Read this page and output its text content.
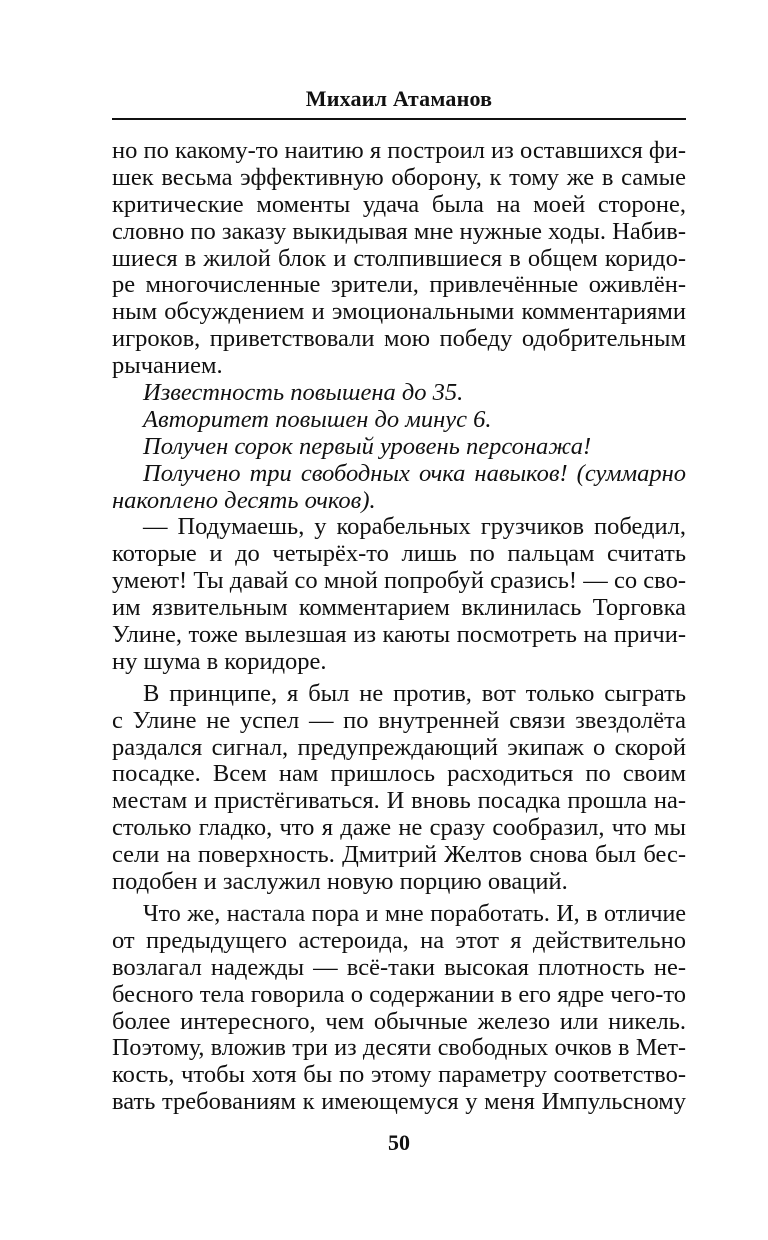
Михаил Атаманов
но по какому-то наитию я построил из оставшихся фи-
шек весьма эффективную оборону, к тому же в самые
критические моменты удача была на моей стороне,
словно по заказу выкидывая мне нужные ходы. Набив-
шиеся в жилой блок и столпившиеся в общем коридо-
ре многочисленные зрители, привлечённые оживлён-
ным обсуждением и эмоциональными комментариями
игроков, приветствовали мою победу одобрительным
рычанием.
Известность повышена до 35.
Авторитет повышен до минус 6.
Получен сорок первый уровень персонажа!
Получено три свободных очка навыков! (суммарно
накоплено десять очков).
— Подумаешь, у корабельных грузчиков победил,
которые и до четырёх-то лишь по пальцам считать
умеют! Ты давай со мной попробуй сразись! — со сво-
им язвительным комментарием вклинилась Торговка
Улине, тоже вылезшая из каюты посмотреть на причи-
ну шума в коридоре.
В принципе, я был не против, вот только сыграть
с Улине не успел — по внутренней связи звездолёта
раздался сигнал, предупреждающий экипаж о скорой
посадке. Всем нам пришлось расходиться по своим
местам и пристёгиваться. И вновь посадка прошла на-
столько гладко, что я даже не сразу сообразил, что мы
сели на поверхность. Дмитрий Желтов снова был бес-
подобен и заслужил новую порцию оваций.
Что же, настала пора и мне поработать. И, в отличие
от предыдущего астероида, на этот я действительно
возлагал надежды — всё-таки высокая плотность не-
бесного тела говорила о содержании в его ядре чего-то
более интересного, чем обычные железо или никель.
Поэтому, вложив три из десяти свободных очков в Мет-
кость, чтобы хотя бы по этому параметру соответство-
вать требованиям к имеющемуся у меня Импульсному
50
